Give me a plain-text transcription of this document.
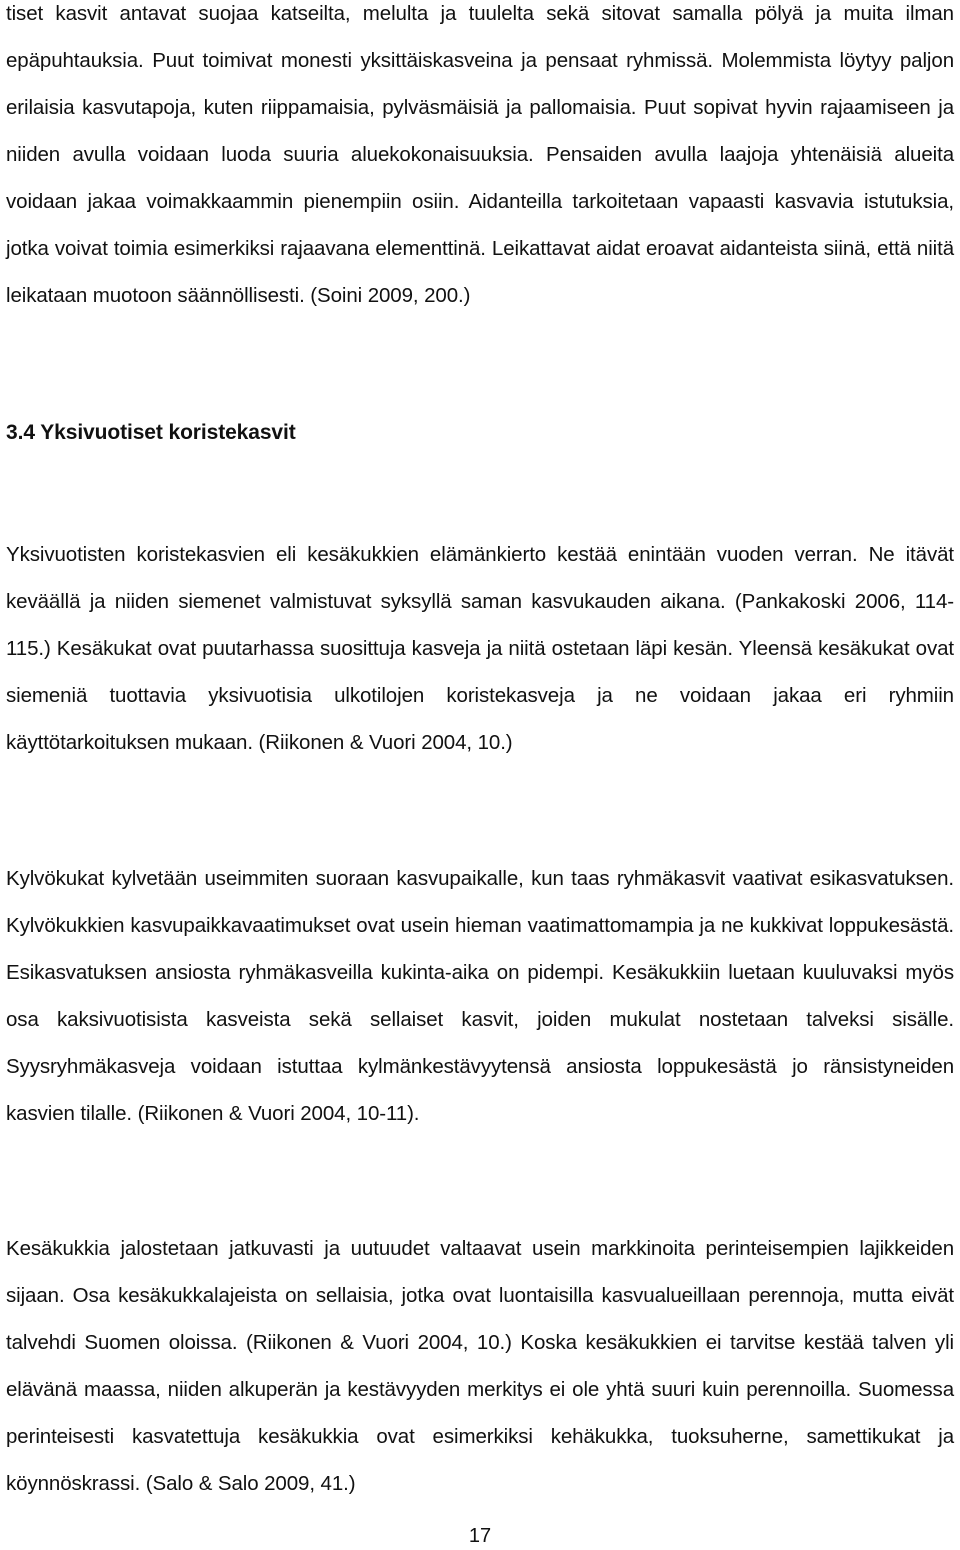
tiset kasvit antavat suojaa katseilta, melulta ja tuulelta sekä sitovat samalla pölyä ja muita ilman epäpuhtauksia. Puut toimivat monesti yksittäiskasveina ja pensaat ryhmissä. Molemmista löytyy paljon erilaisia kasvutapoja, kuten riippamaisia, pylväsmäisiä ja pallomaisia. Puut sopivat hyvin rajaamiseen ja niiden avulla voidaan luoda suuria aluekokonaisuuksia. Pensaiden avulla laajoja yhtenäisiä alueita voidaan jakaa voimakkaammin pienempiin osiin. Aidanteilla tarkoitetaan vapaasti kasvavia istutuksia, jotka voivat toimia esimerkiksi rajaavana elementtinä. Leikattavat aidat eroavat aidanteista siinä, että niitä leikataan muotoon säännöllisesti. (Soini 2009, 200.)

3.4 Yksivuotiset koristekasvit

Yksivuotisten koristekasvien eli kesäkukkien elämänkierto kestää enintään vuoden verran. Ne itävät keväällä ja niiden siemenet valmistuvat syksyllä saman kasvukauden aikana. (Pankakoski 2006, 114-115.) Kesäkukat ovat puutarhassa suosittuja kasveja ja niitä ostetaan läpi kesän. Yleensä kesäkukat ovat siemeniä tuottavia yksivuotisia ulkotilojen koristekasveja ja ne voidaan jakaa eri ryhmiin käyttötarkoituksen mukaan. (Riikonen & Vuori 2004, 10.)

Kylvökukat kylvetään useimmiten suoraan kasvupaikalle, kun taas ryhmäkasvit vaativat esikasvatuksen. Kylvökukkien kasvupaikkavaatimukset ovat usein hieman vaatimattomampia ja ne kukkivat loppukesästä. Esikasvatuksen ansiosta ryhmäkasveilla kukinta-aika on pidempi. Kesäkukkiin luetaan kuuluvaksi myös osa kaksivuotisista kasveista sekä sellaiset kasvit, joiden mukulat nostetaan talveksi sisälle. Syysryhmäkasveja voidaan istuttaa kylmänkestävyytensä ansiosta loppukesästä jo ränsistyneiden kasvien tilalle. (Riikonen & Vuori 2004, 10-11).

Kesäkukkia jalostetaan jatkuvasti ja uutuudet valtaavat usein markkinoita perinteisempien lajikkeiden sijaan. Osa kesäkukkalajeista on sellaisia, jotka ovat luontaisilla kasvualueillaan perennoja, mutta eivät talvehdi Suomen oloissa. (Riikonen & Vuori 2004, 10.) Koska kesäkukkien ei tarvitse kestää talven yli elävänä maassa, niiden alkuperän ja kestävyyden merkitys ei ole yhtä suuri kuin perennoilla. Suomessa perinteisesti kasvatettuja kesäkukkia ovat esimerkiksi kehäkukka, tuoksuherne, samettikukat ja köynnöskrassi. (Salo & Salo 2009, 41.)

17
